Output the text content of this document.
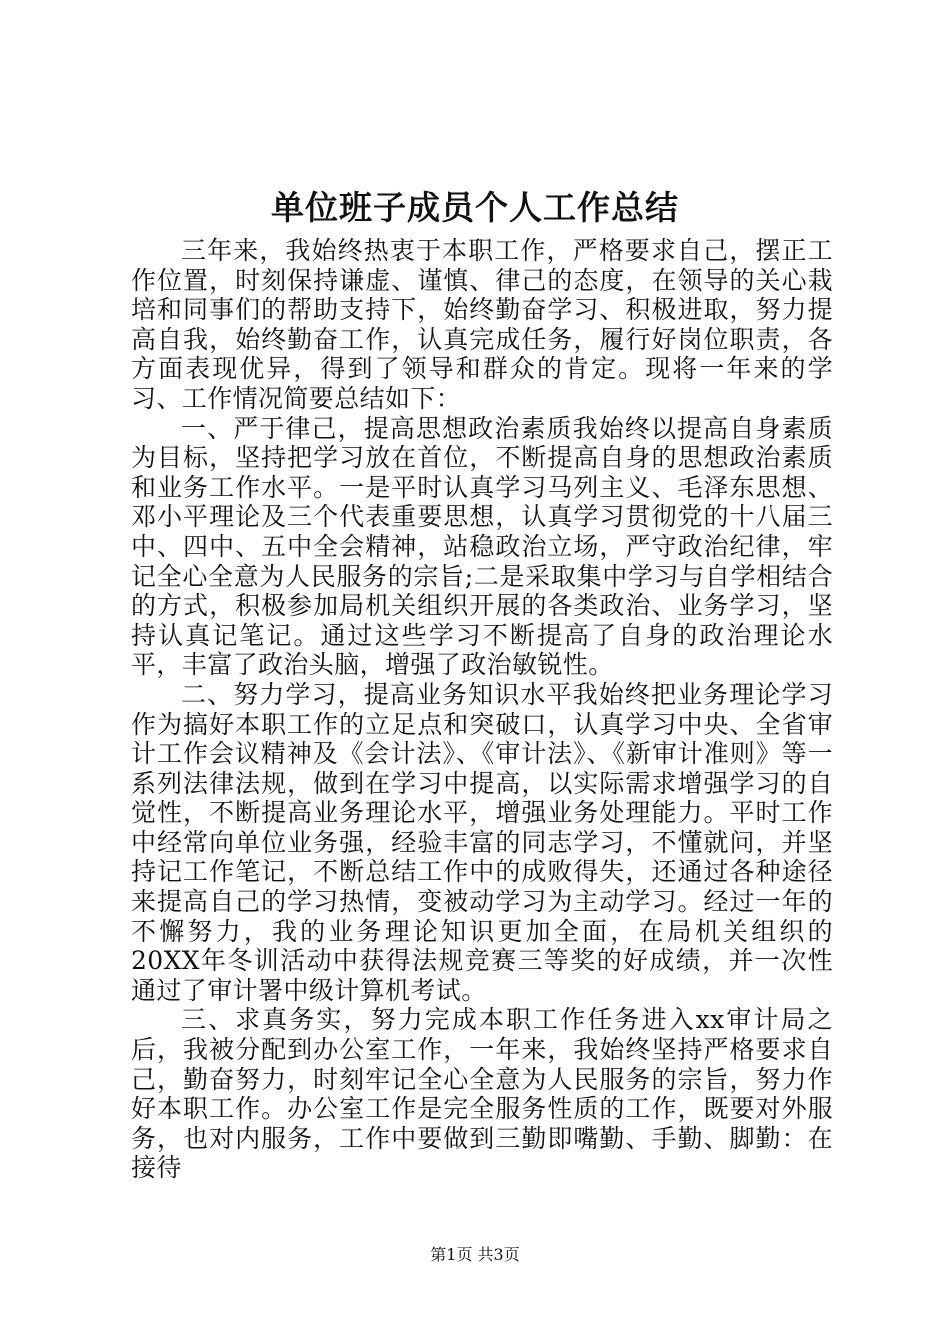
单位班子成员个人工作总结

三年来，我始终热衷于本职工作，严格要求自己，摆正工作位置，时刻保持谦虚、谨慎、律己的态度，在领导的关心栽培和同事们的帮助支持下，始终勤奋学习、积极进取，努力提高自我，始终勤奋工作，认真完成任务，履行好岗位职责，各方面表现优异，得到了领导和群众的肯定。现将一年来的学习、工作情况简要总结如下：

一、严于律己，提高思想政治素质我始终以提高自身素质为目标，坚持把学习放在首位，不断提高自身的思想政治素质和业务工作水平。一是平时认真学习马列主义、毛泽东思想、邓小平理论及三个代表重要思想，认真学习贯彻党的十八届三中、四中、五中全会精神，站稳政治立场，严守政治纪律，牢记全心全意为人民服务的宗旨;二是采取集中学习与自学相结合的方式，积极参加局机关组织开展的各类政治、业务学习，坚持认真记笔记。通过这些学习不断提高了自身的政治理论水平，丰富了政治头脑，增强了政治敏锐性。

二、努力学习，提高业务知识水平我始终把业务理论学习作为搞好本职工作的立足点和突破口，认真学习中央、全省审计工作会议精神及《会计法》、《审计法》、《新审计准则》等一系列法律法规，做到在学习中提高，以实际需求增强学习的自觉性，不断提高业务理论水平，增强业务处理能力。平时工作中经常向单位业务强，经验丰富的同志学习，不懂就问，并坚持记工作笔记，不断总结工作中的成败得失，还通过各种途径来提高自己的学习热情，变被动学习为主动学习。经过一年的不懈努力，我的业务理论知识更加全面，在局机关组织的20XX年冬训活动中获得法规竞赛三等奖的好成绩，并一次性通过了审计署中级计算机考试。

三、求真务实，努力完成本职工作任务进入xx审计局之后，我被分配到办公室工作，一年来，我始终坚持严格要求自己，勤奋努力，时刻牢记全心全意为人民服务的宗旨，努力作好本职工作。办公室工作是完全服务性质的工作，既要对外服务，也对内服务，工作中要做到三勤即嘴勤、手勤、脚勤：在接待

第1页 共3页
